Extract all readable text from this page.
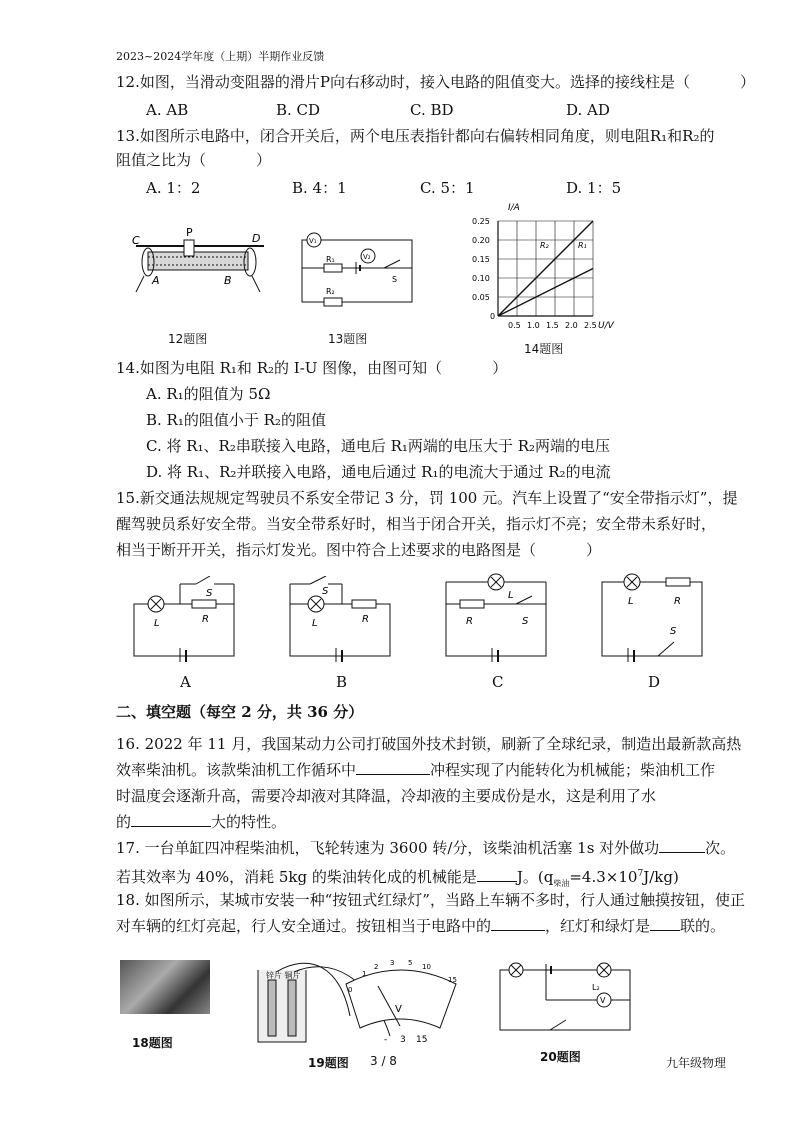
2023~2024学年度（上期）半期作业反馈
12.如图，当滑动变阻器的滑片P向右移动时，接入电路的阻值变大。选择的接线柱是（	）
A. AB	B. CD	C. BD	D. AD
13.如图所示电路中，闭合开关后，两个电压表指针都向右偏转相同角度，则电阻R₁和R₂的
阻值之比为（	）
A. 1：2	B. 4：1	C. 5：1	D. 1：5
C
P	D
A	B
12题图
V₁
R₁	V₂
S
R₂
13题图
I/A
U/V
0.25
0.20
0.15
0.10
0.05
0
0.5 1.0 1.5 2.0 2.5
R₂	R₁
14题图
14.如图为电阻 R₁和 R₂的 I-U 图像，由图可知（	）
A. R₁的阻值为 5Ω
B. R₁的阻值小于 R₂的阻值
C. 将 R₁、R₂串联接入电路，通电后 R₁两端的电压大于 R₂两端的电压
D. 将 R₁、R₂并联接入电路，通电后通过 R₁的电流大于通过 R₂的电流
15.新交通法规规定驾驶员不系安全带记 3 分，罚 100 元。汽车上设置了“安全带指示灯”，提
醒驾驶员系好安全带。当安全带系好时，相当于闭合开关，指示灯不亮；安全带未系好时，
相当于断开开关，指示灯发光。图中符合上述要求的电路图是（	）
S
L	R
S
L	R
L
R	S
L	R
S
A	B	C	D
二、填空题（每空 2 分，共 36 分）
16. 2022 年 11 月，我国某动力公司打破国外技术封锁，刷新了全球纪录，制造出最新款高热
效率柴油机。该款柴油机工作循环中	冲程实现了内能转化为机械能；柴油机工作
时温度会逐渐升高，需要冷却液对其降温，冷却液的主要成份是水，这是利用了水
的	大的特性。
17. 一台单缸四冲程柴油机，飞轮转速为 3600 转/分，该柴油机活塞 1s 对外做功	次。
若其效率为 40%，消耗 5kg 的柴油转化成的机械能是	J。$(q_{柴油}=4.3\times 10^7J/kg)$
18. 如图所示，某城市安装一种“按钮式红绿灯”，当路上车辆不多时，行人通过触摸按钮，使正
对车辆的红灯亮起，行人安全通过。按钮相当于电路中的	，红灯和绿灯是 联的。
18题图
锌片 铜片
V
0
1
2 3 5 10
15
- 3 15
19题图 3 / 8
V
L₂
20题图	九年级物理
